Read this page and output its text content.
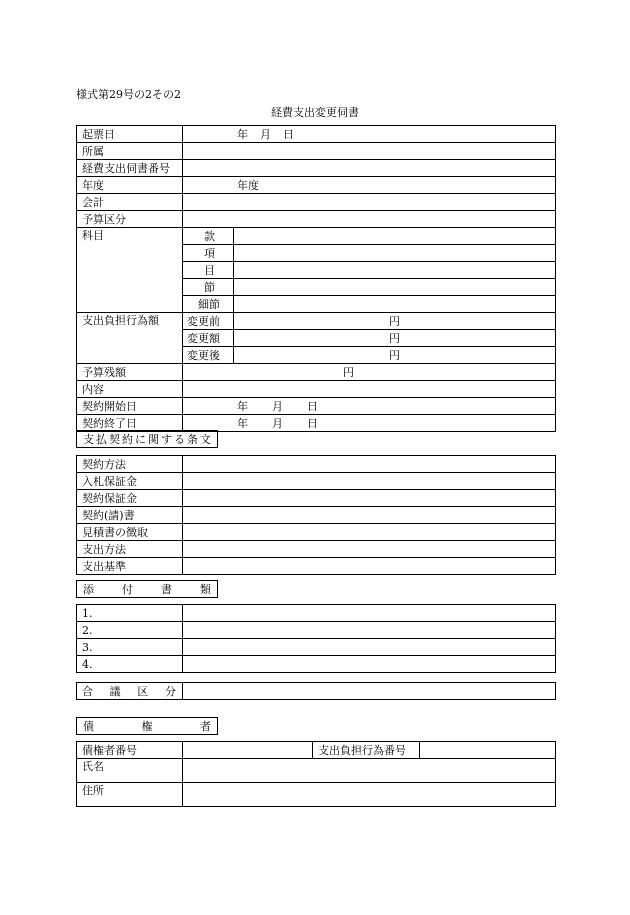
様式第29号の2その2
経費支出変更伺書
起票日	年 月 日	
所属		
経費支出伺書番号		
年度	年度	
会計		
予算区分		
科目	款	
	項	
	目	
	節	
	細節	
支出負担行為額	変更前	円
	変更額	円
	変更後	円
予算残額	円	
内容		
契約開始日	年 月 日	
契約終了日	年 月 日	
支払契約に関する条文
契約方法	
入札保証金	
契約保証金	
契約(請)書	
見積書の徴取	
支出方法	
支出基準	
添	付	書	類
1.	
2.	
3.	
4.	
合 議 区 分

債	権	者
債権者番号		支出負担行為番号	
氏名			
住所			
